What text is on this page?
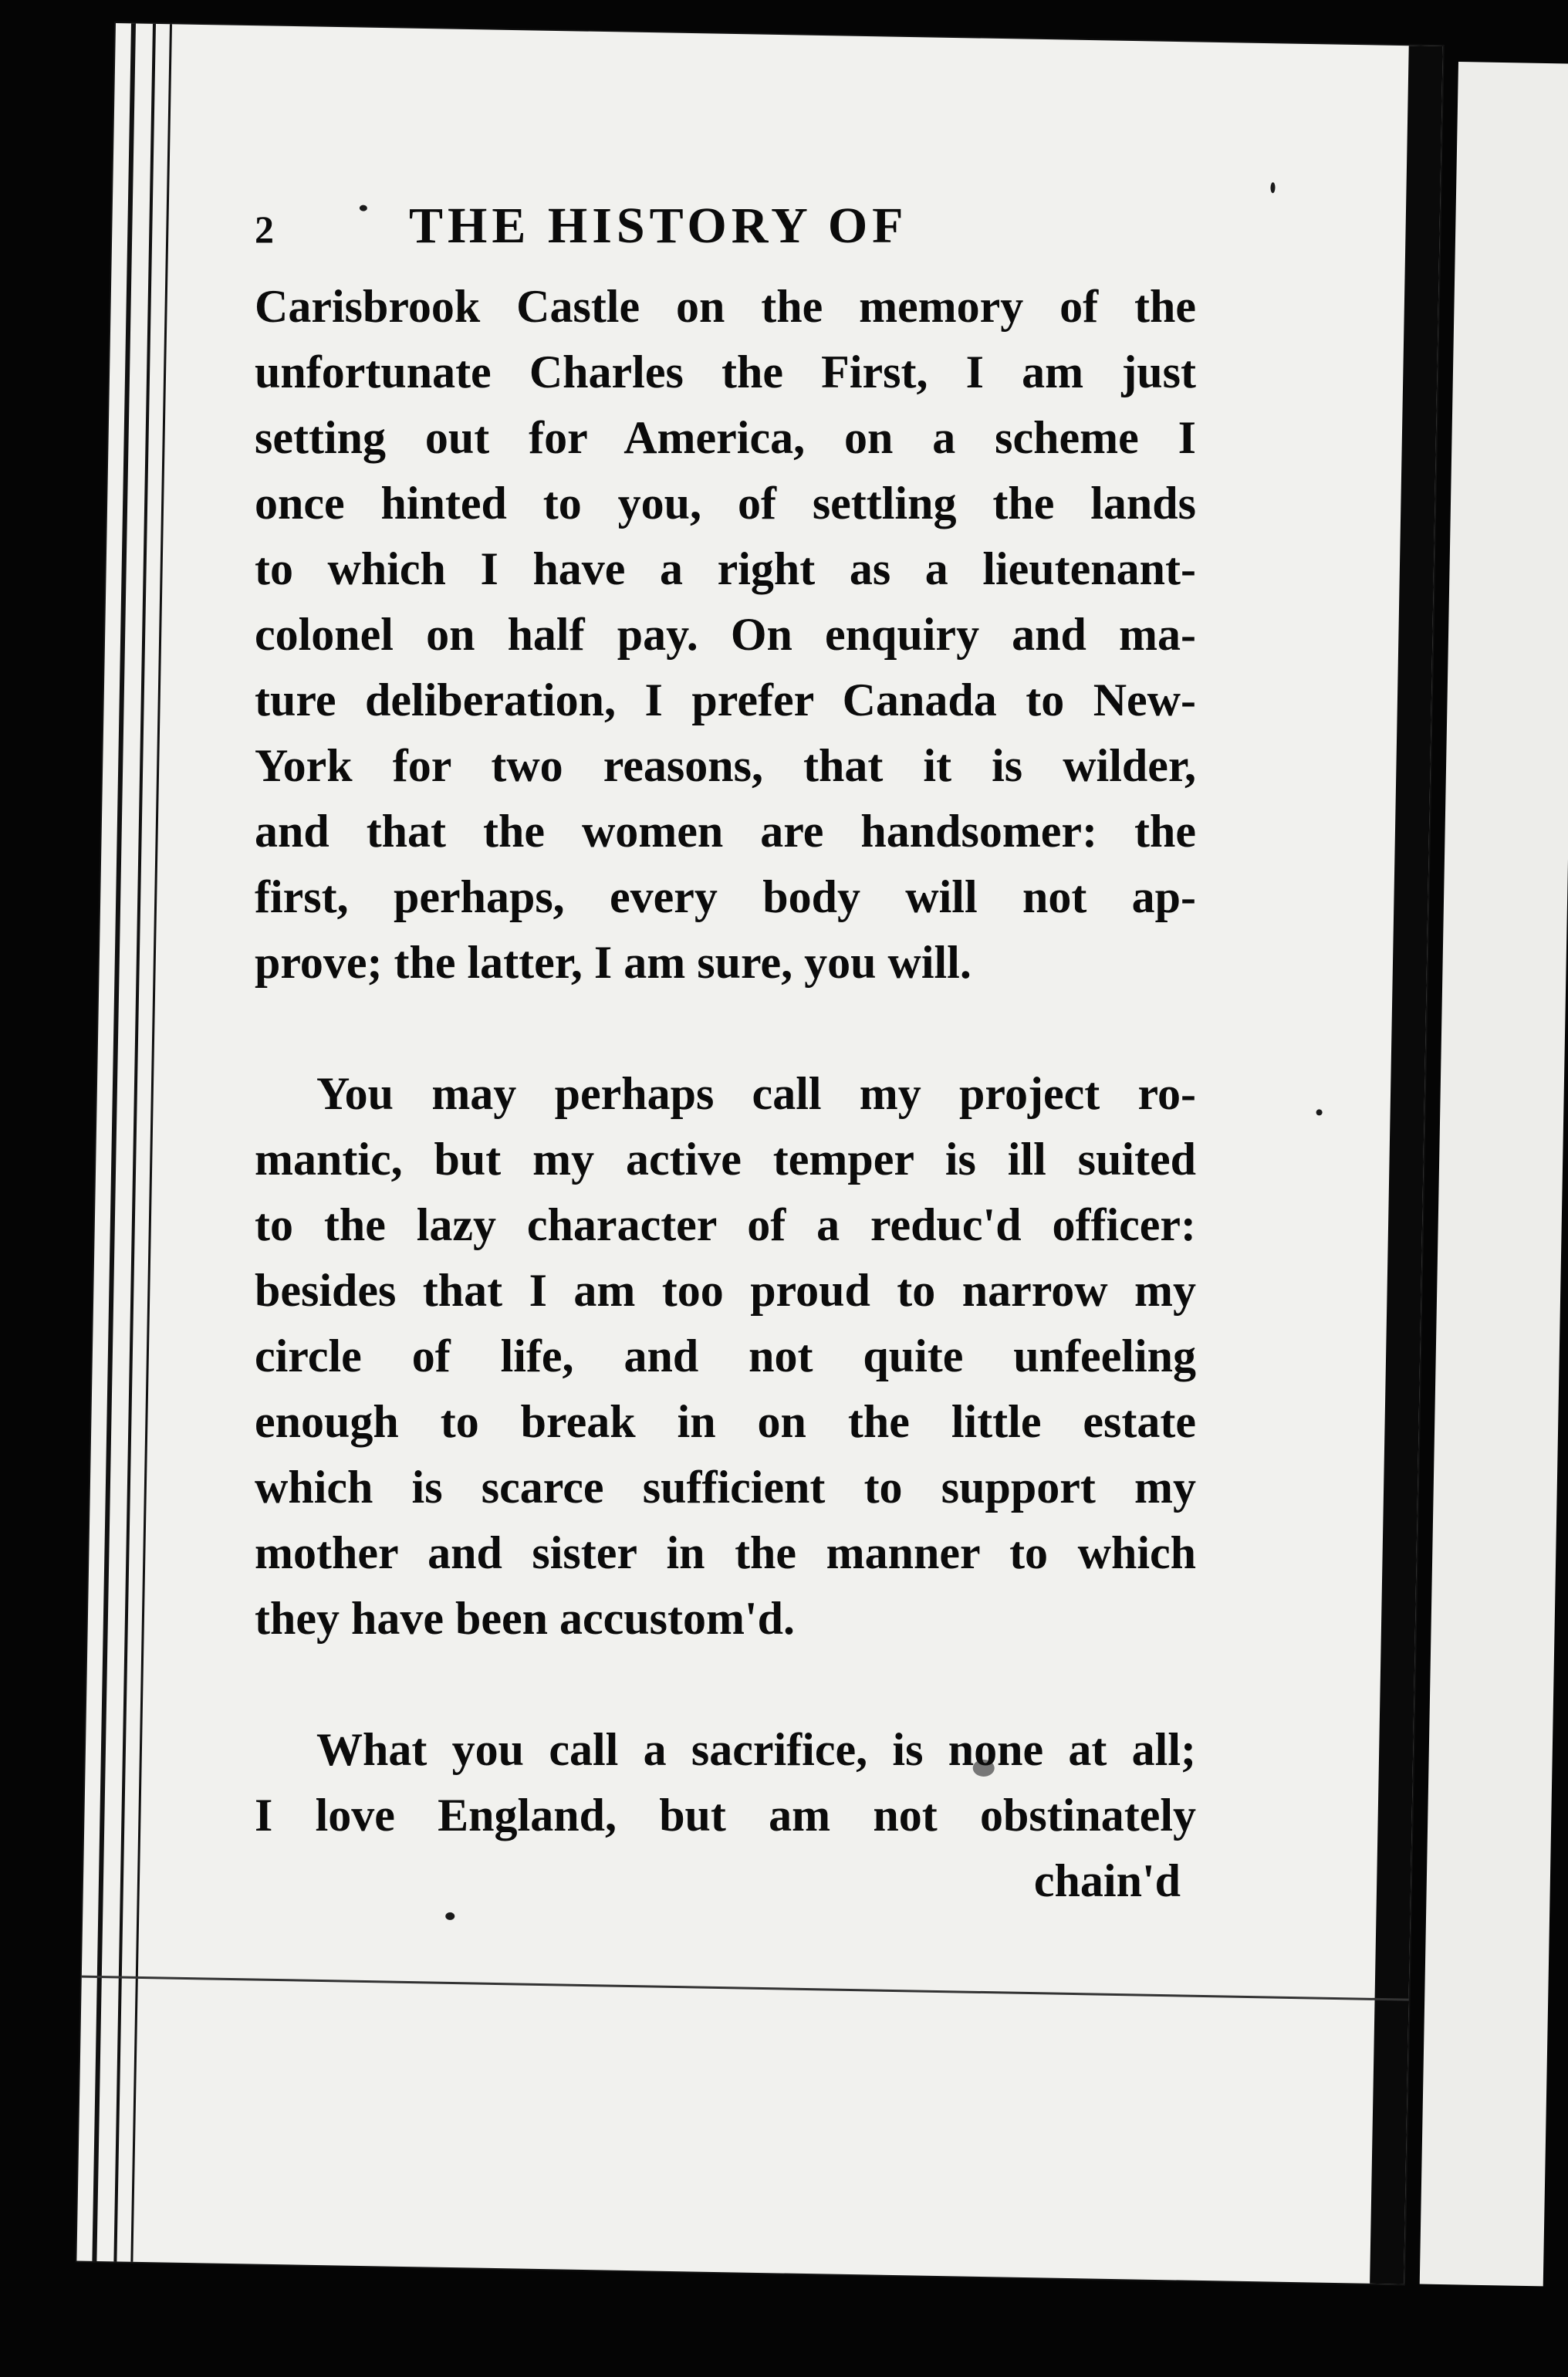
2	THE HISTORY OF
Carisbrook Castle on the memory of the
unfortunate Charles the First, I am just
setting out for America, on a scheme I
once hinted to you, of settling the lands
to which I have a right as a lieutenant-
colonel on half pay. On enquiry and ma-
ture deliberation, I prefer Canada to New-
York for two reasons, that it is wilder,
and that the women are handsomer: the
first, perhaps, every body will not ap-
prove; the latter, I am sure, you will.
You may perhaps call my project ro-
mantic, but my active temper is ill suited
to the lazy character of a reduc'd officer:
besides that I am too proud to narrow my
circle of life, and not quite unfeeling
enough to break in on the little estate
which is scarce sufficient to support my
mother and sister in the manner to which
they have been accustom'd.
What you call a sacrifice, is none at all;
I love England, but am not obstinately
chain'd
